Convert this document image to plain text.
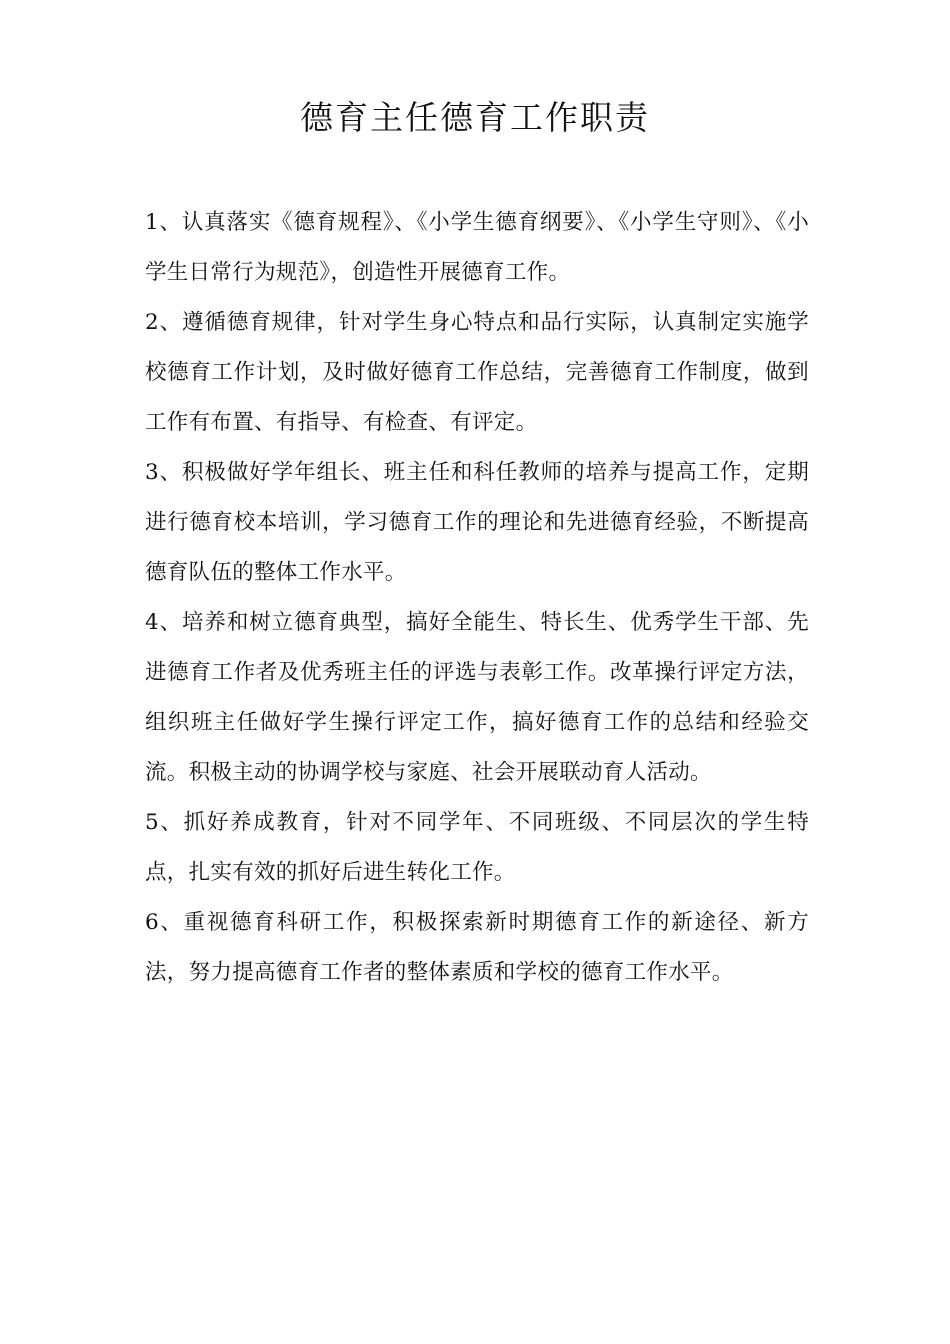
德育主任德育工作职责

1、认真落实《德育规程》、《小学生德育纲要》、《小学生守则》、《小学生日常行为规范》，创造性开展德育工作。

2、遵循德育规律，针对学生身心特点和品行实际，认真制定实施学校德育工作计划，及时做好德育工作总结，完善德育工作制度，做到工作有布置、有指导、有检查、有评定。

3、积极做好学年组长、班主任和科任教师的培养与提高工作，定期进行德育校本培训，学习德育工作的理论和先进德育经验，不断提高德育队伍的整体工作水平。

4、培养和树立德育典型，搞好全能生、特长生、优秀学生干部、先进德育工作者及优秀班主任的评选与表彰工作。改革操行评定方法，组织班主任做好学生操行评定工作，搞好德育工作的总结和经验交流。积极主动的协调学校与家庭、社会开展联动育人活动。

5、抓好养成教育，针对不同学年、不同班级、不同层次的学生特点，扎实有效的抓好后进生转化工作。

6、重视德育科研工作，积极探索新时期德育工作的新途径、新方法，努力提高德育工作者的整体素质和学校的德育工作水平。
